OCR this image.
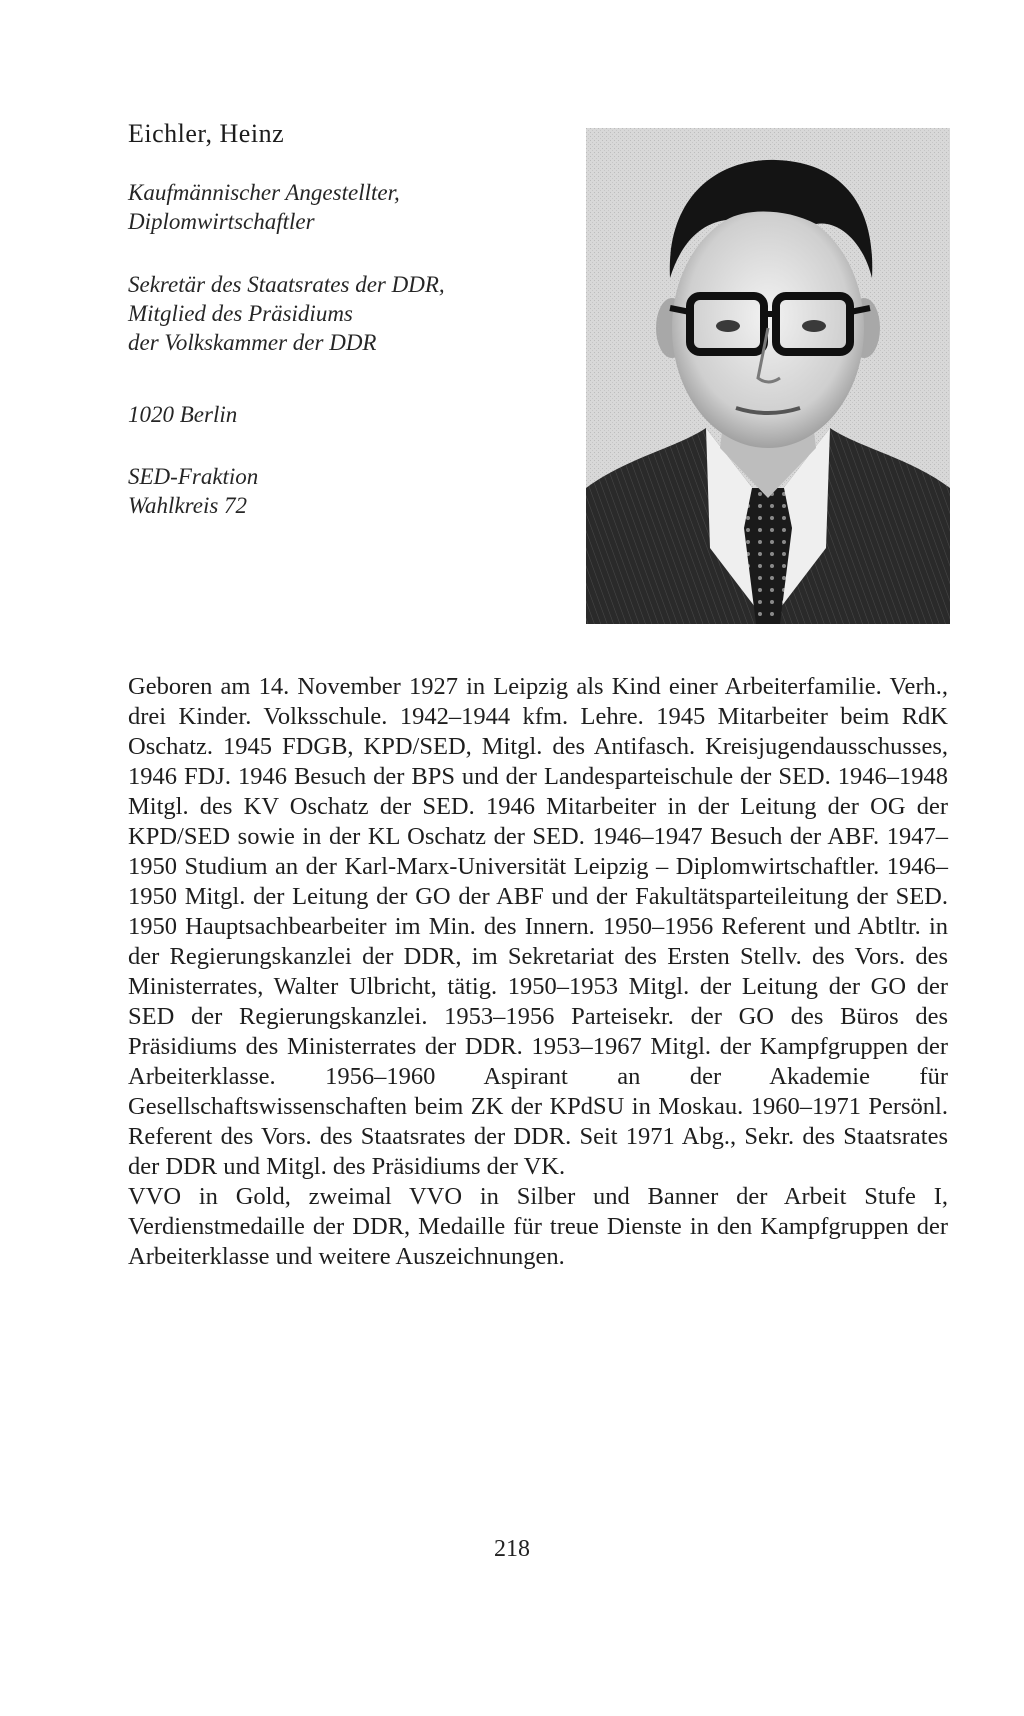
Eichler, Heinz
Kaufmännischer Angestellter,
Diplomwirtschaftler
Sekretär des Staatsrates der DDR,
Mitglied des Präsidiums
der Volkskammer der DDR
1020 Berlin
SED-Fraktion
Wahlkreis 72

Geboren am 14. November 1927 in Leipzig als Kind einer Arbeiterfamilie. Verh., drei Kinder. Volksschule. 1942–1944 kfm. Lehre. 1945 Mitarbeiter beim RdK Oschatz. 1945 FDGB, KPD/SED, Mitgl. des Antifasch. Kreisjugendausschusses, 1946 FDJ. 1946 Besuch der BPS und der Landesparteischule der SED. 1946–1948 Mitgl. des KV Oschatz der SED. 1946 Mitarbeiter in der Leitung der OG der KPD/SED sowie in der KL Oschatz der SED. 1946–1947 Besuch der ABF. 1947–1950 Studium an der Karl-Marx-Universität Leipzig – Diplomwirtschaftler. 1946–1950 Mitgl. der Leitung der GO der ABF und der Fakultätsparteileitung der SED. 1950 Hauptsachbearbeiter im Min. des Innern. 1950–1956 Referent und Abtltr. in der Regierungskanzlei der DDR, im Sekretariat des Ersten Stellv. des Vors. des Ministerrates, Walter Ulbricht, tätig. 1950–1953 Mitgl. der Leitung der GO der SED der Regierungskanzlei. 1953–1956 Parteisekr. der GO des Büros des Präsidiums des Ministerrates der DDR. 1953–1967 Mitgl. der Kampfgruppen der Arbeiterklasse. 1956–1960 Aspirant an der Akademie für Gesellschaftswissenschaften beim ZK der KPdSU in Moskau. 1960–1971 Persönl. Referent des Vors. des Staatsrates der DDR. Seit 1971 Abg., Sekr. des Staatsrates der DDR und Mitgl. des Präsidiums der VK.

VVO in Gold, zweimal VVO in Silber und Banner der Arbeit Stufe I, Verdienstmedaille der DDR, Medaille für treue Dienste in den Kampfgruppen der Arbeiterklasse und weitere Auszeichnungen.

218
